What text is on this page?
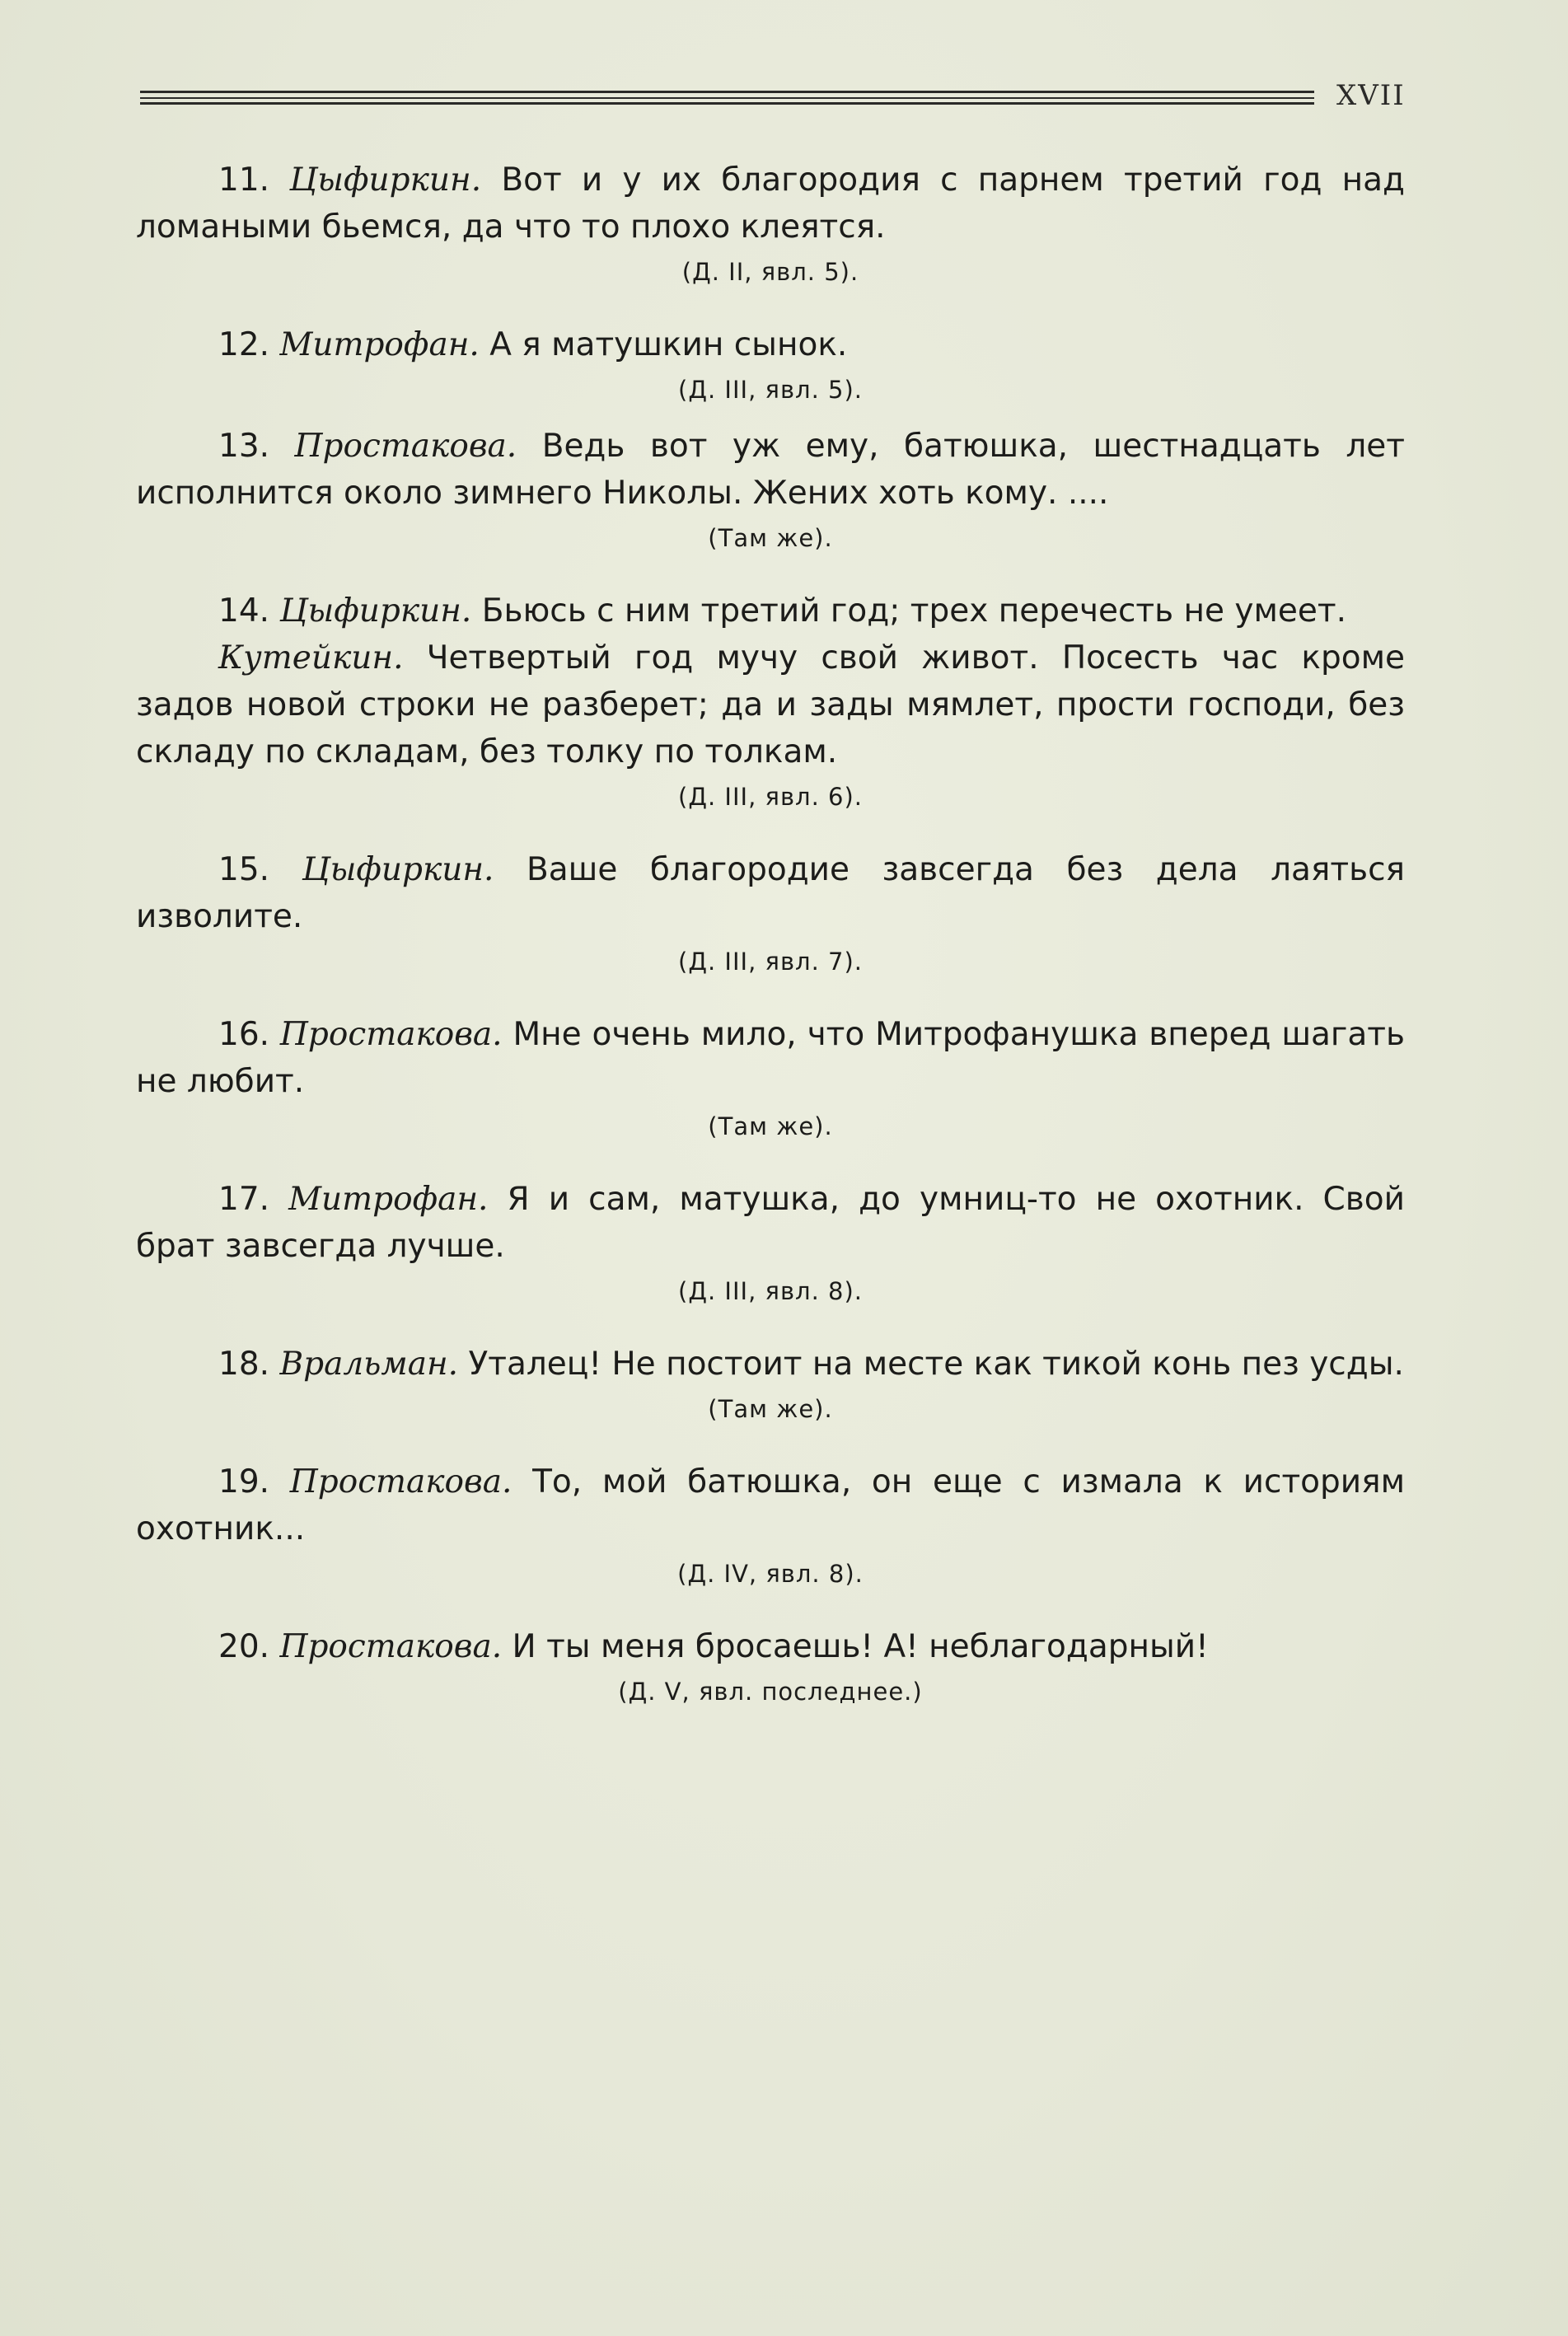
XVII

11. Цыфиркин. Вот и у их благородия с парнем третий год над ломаными бьемся, да что то плохо клеятся.

(Д. II, явл. 5).

12. Митрофан. А я матушкин сынок.

(Д. III, явл. 5).

13. Простакова. Ведь вот уж ему, батюшка, шестнадцать лет исполнится около зимнего Николы. Жених хоть кому. ....

(Там же).

14. Цыфиркин. Бьюсь с ним третий год; трех перечесть не умеет.

Кутейкин. Четвертый год мучу свой живот. Посесть час кроме задов новой строки не разберет; да и зады мямлет, прости господи, без складу по складам, без толку по толкам.

(Д. III, явл. 6).

15. Цыфиркин. Ваше благородие завсегда без дела лаяться изволите.

(Д. III, явл. 7).

16. Простакова. Мне очень мило, что Митрофанушка вперед шагать не любит.

(Там же).

17. Митрофан. Я и сам, матушка, до умниц-то не охотник. Свой брат завсегда лучше.

(Д. III, явл. 8).

18. Вральман. Уталец! Не постоит на месте как тикой конь пез усды.

(Там же).

19. Простакова. То, мой батюшка, он еще с измала к историям охотник...

(Д. IV, явл. 8).

20. Простакова. И ты меня бросаешь! А! неблагодарный!

(Д. V, явл. последнее.)
